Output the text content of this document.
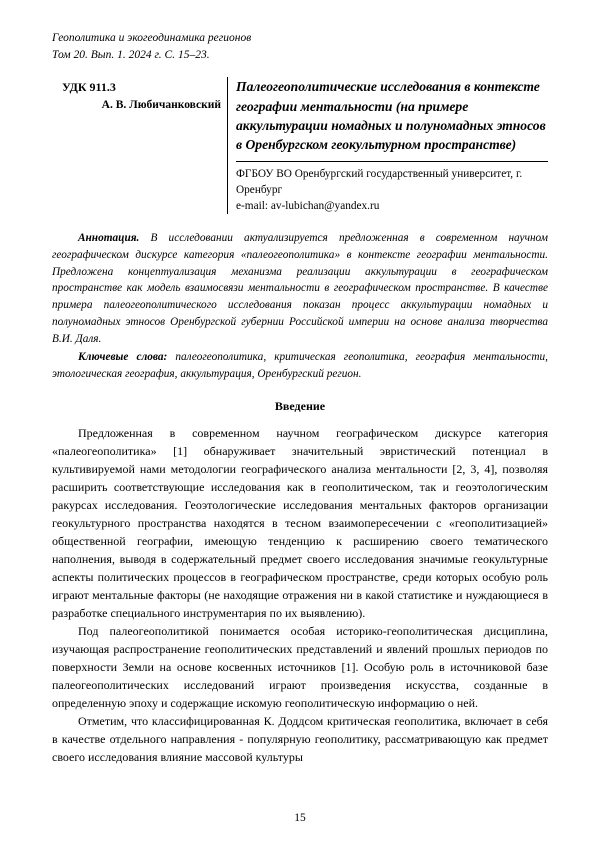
Геополитика и экогеодинамика регионов
Том 20. Вып. 1. 2024 г. С. 15–23.
УДК 911.3
А. В. Любичанковский
Палеогеополитические исследования в контексте географии ментальности (на примере аккультурации номадных и полуномадных этносов в Оренбургском геокультурном пространстве)
ФГБОУ ВО Оренбургский государственный университет, г. Оренбург
e-mail: av-lubichan@yandex.ru
Аннотация. В исследовании актуализируется предложенная в современном научном географическом дискурсе категория «палеогеополитика» в контексте географии ментальности. Предложена концептуализация механизма реализации аккультурации в географическом пространстве как модель взаимосвязи ментальности в географическом пространстве. В качестве примера палеогеополитического исследования показан процесс аккультурации номадных и полуномадных этносов Оренбургской губернии Российской империи на основе анализа творчества В.И. Даля.
Ключевые слова: палеогеополитика, критическая геополитика, география ментальности, этологическая география, аккультурация, Оренбургский регион.
Введение
Предложенная в современном научном географическом дискурсе категория «палеогеополитика» [1] обнаруживает значительный эвристический потенциал в культивируемой нами методологии географического анализа ментальности [2, 3, 4], позволяя расширить соответствующие исследования как в геополитическом, так и геоэтологическим ракурсах исследования. Геоэтологические исследования ментальных факторов организации геокультурного пространства находятся в тесном взаимопересечении с «геополитизацией» общественной географии, имеющую тенденцию к расширению своего тематического наполнения, выводя в содержательный предмет своего исследования значимые геокультурные аспекты политических процессов в географическом пространстве, среди которых особую роль играют ментальные факторы (не находящие отражения ни в какой статистике и нуждающиеся в разработке специального инструментария по их выявлению).
Под палеогеополитикой понимается особая историко-геополитическая дисциплина, изучающая распространение геополитических представлений и явлений прошлых периодов по поверхности Земли на основе косвенных источников [1]. Особую роль в источниковой базе палеогеополитических исследований играют произведения искусства, созданные в определенную эпоху и содержащие искомую геополитическую информацию о ней.
Отметим, что классифицированная К. Доддсом критическая геополитика, включает в себя в качестве отдельного направления - популярную геополитику, рассматривающую как предмет своего исследования влияние массовой культуры
15
